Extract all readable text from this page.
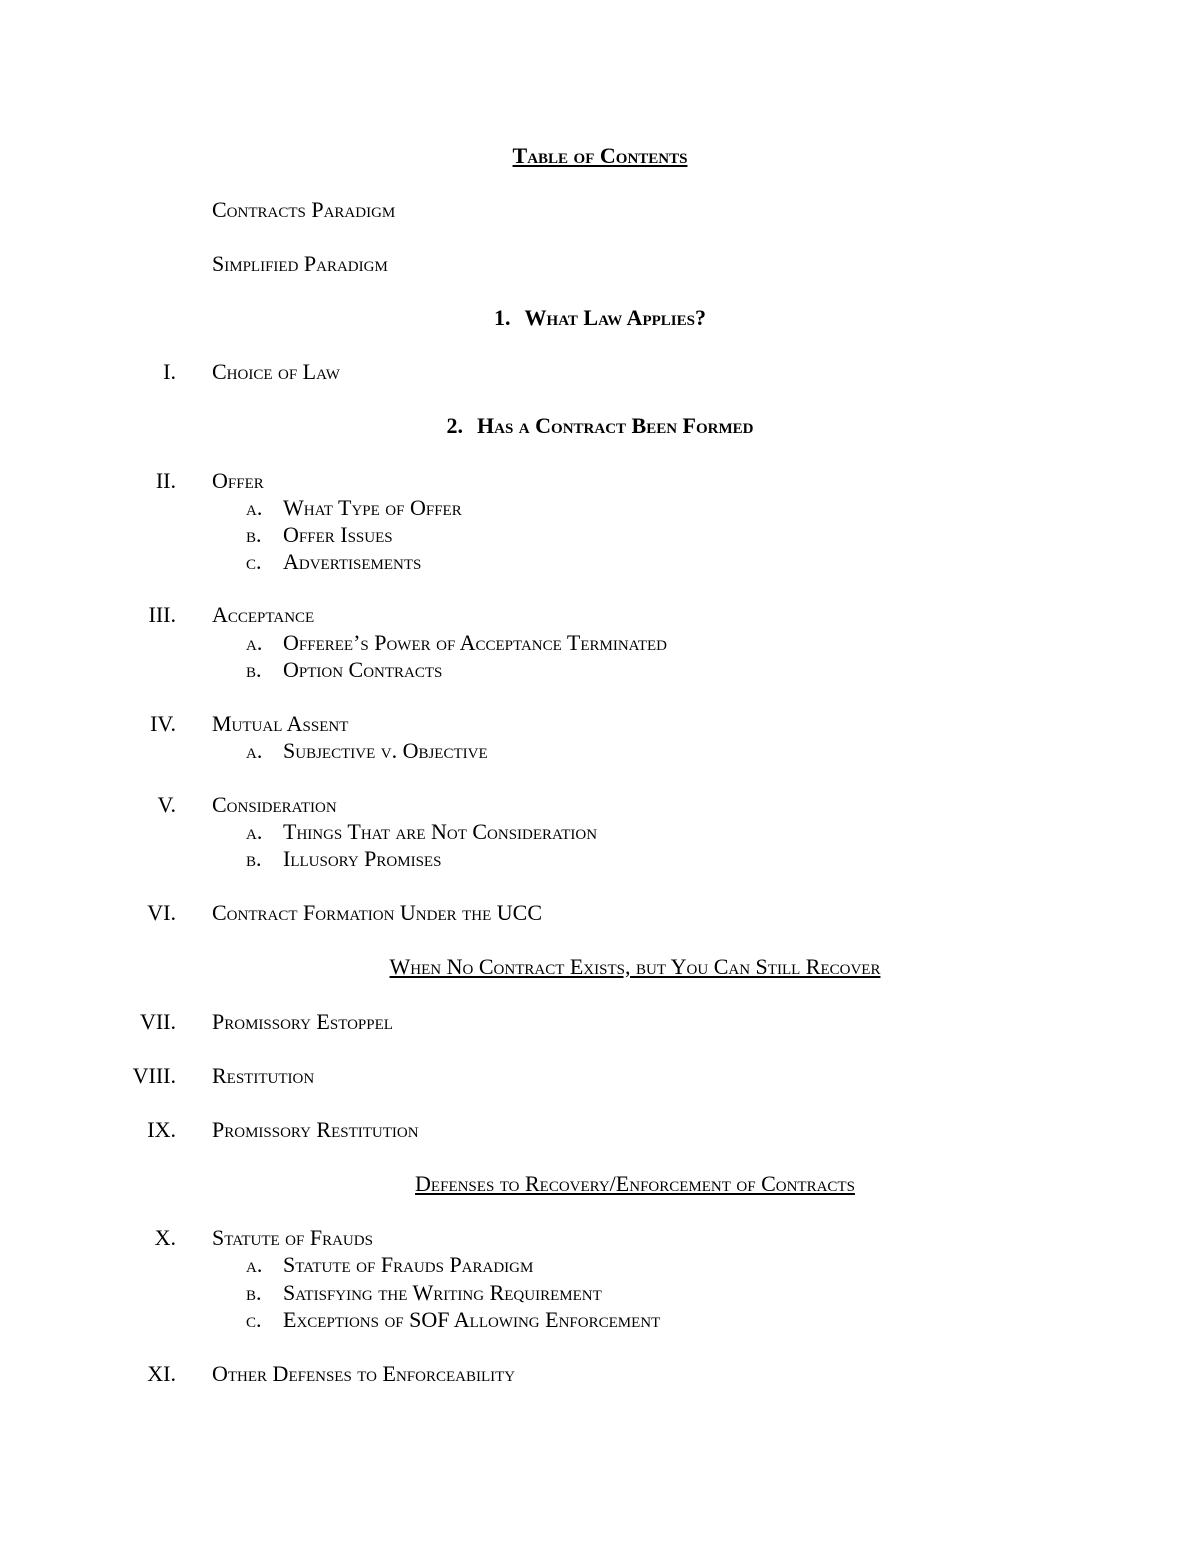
Table of Contents
Contracts Paradigm
Simplified Paradigm
1. What Law Applies?
I. Choice of Law
2. Has a Contract Been Formed
II. Offer
a. What Type of Offer
b. Offer Issues
c. Advertisements
III. Acceptance
a. Offeree’s Power of Acceptance Terminated
b. Option Contracts
IV. Mutual Assent
a. Subjective v. Objective
V. Consideration
a. Things That are Not Consideration
b. Illusory Promises
VI. Contract Formation Under the UCC
When No Contract Exists, but You Can Still Recover
VII. Promissory Estoppel
VIII. Restitution
IX. Promissory Restitution
Defenses to Recovery/Enforcement of Contracts
X. Statute of Frauds
a. Statute of Frauds Paradigm
b. Satisfying the Writing Requirement
c. Exceptions of SOF Allowing Enforcement
XI. Other Defenses to Enforceability
